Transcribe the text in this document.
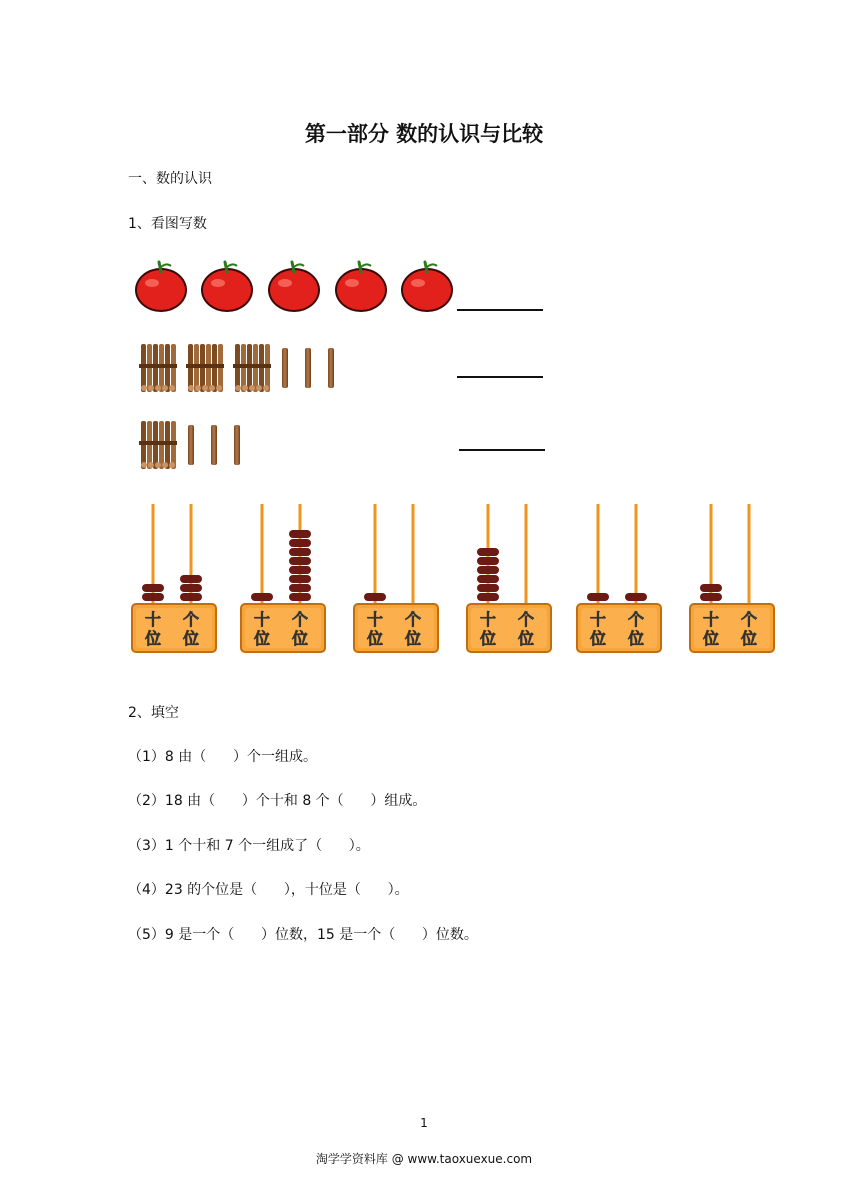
第一部分 数的认识与比较
一、数的认识
1、看图写数
十
位
个
位
十
位
个
位
十
位
个
位
十
位
个
位
十
位
个
位
十
位
个
位
2、填空
（1）8 由（      ）个一组成。
（2）18 由（      ）个十和 8 个（      ）组成。
（3）1 个十和 7 个一组成了（      ）。
（4）23 的个位是（      ），十位是（      ）。
（5）9 是一个（      ）位数，15 是一个（      ）位数。
1
淘学学资料库 @ www.taoxuexue.com
